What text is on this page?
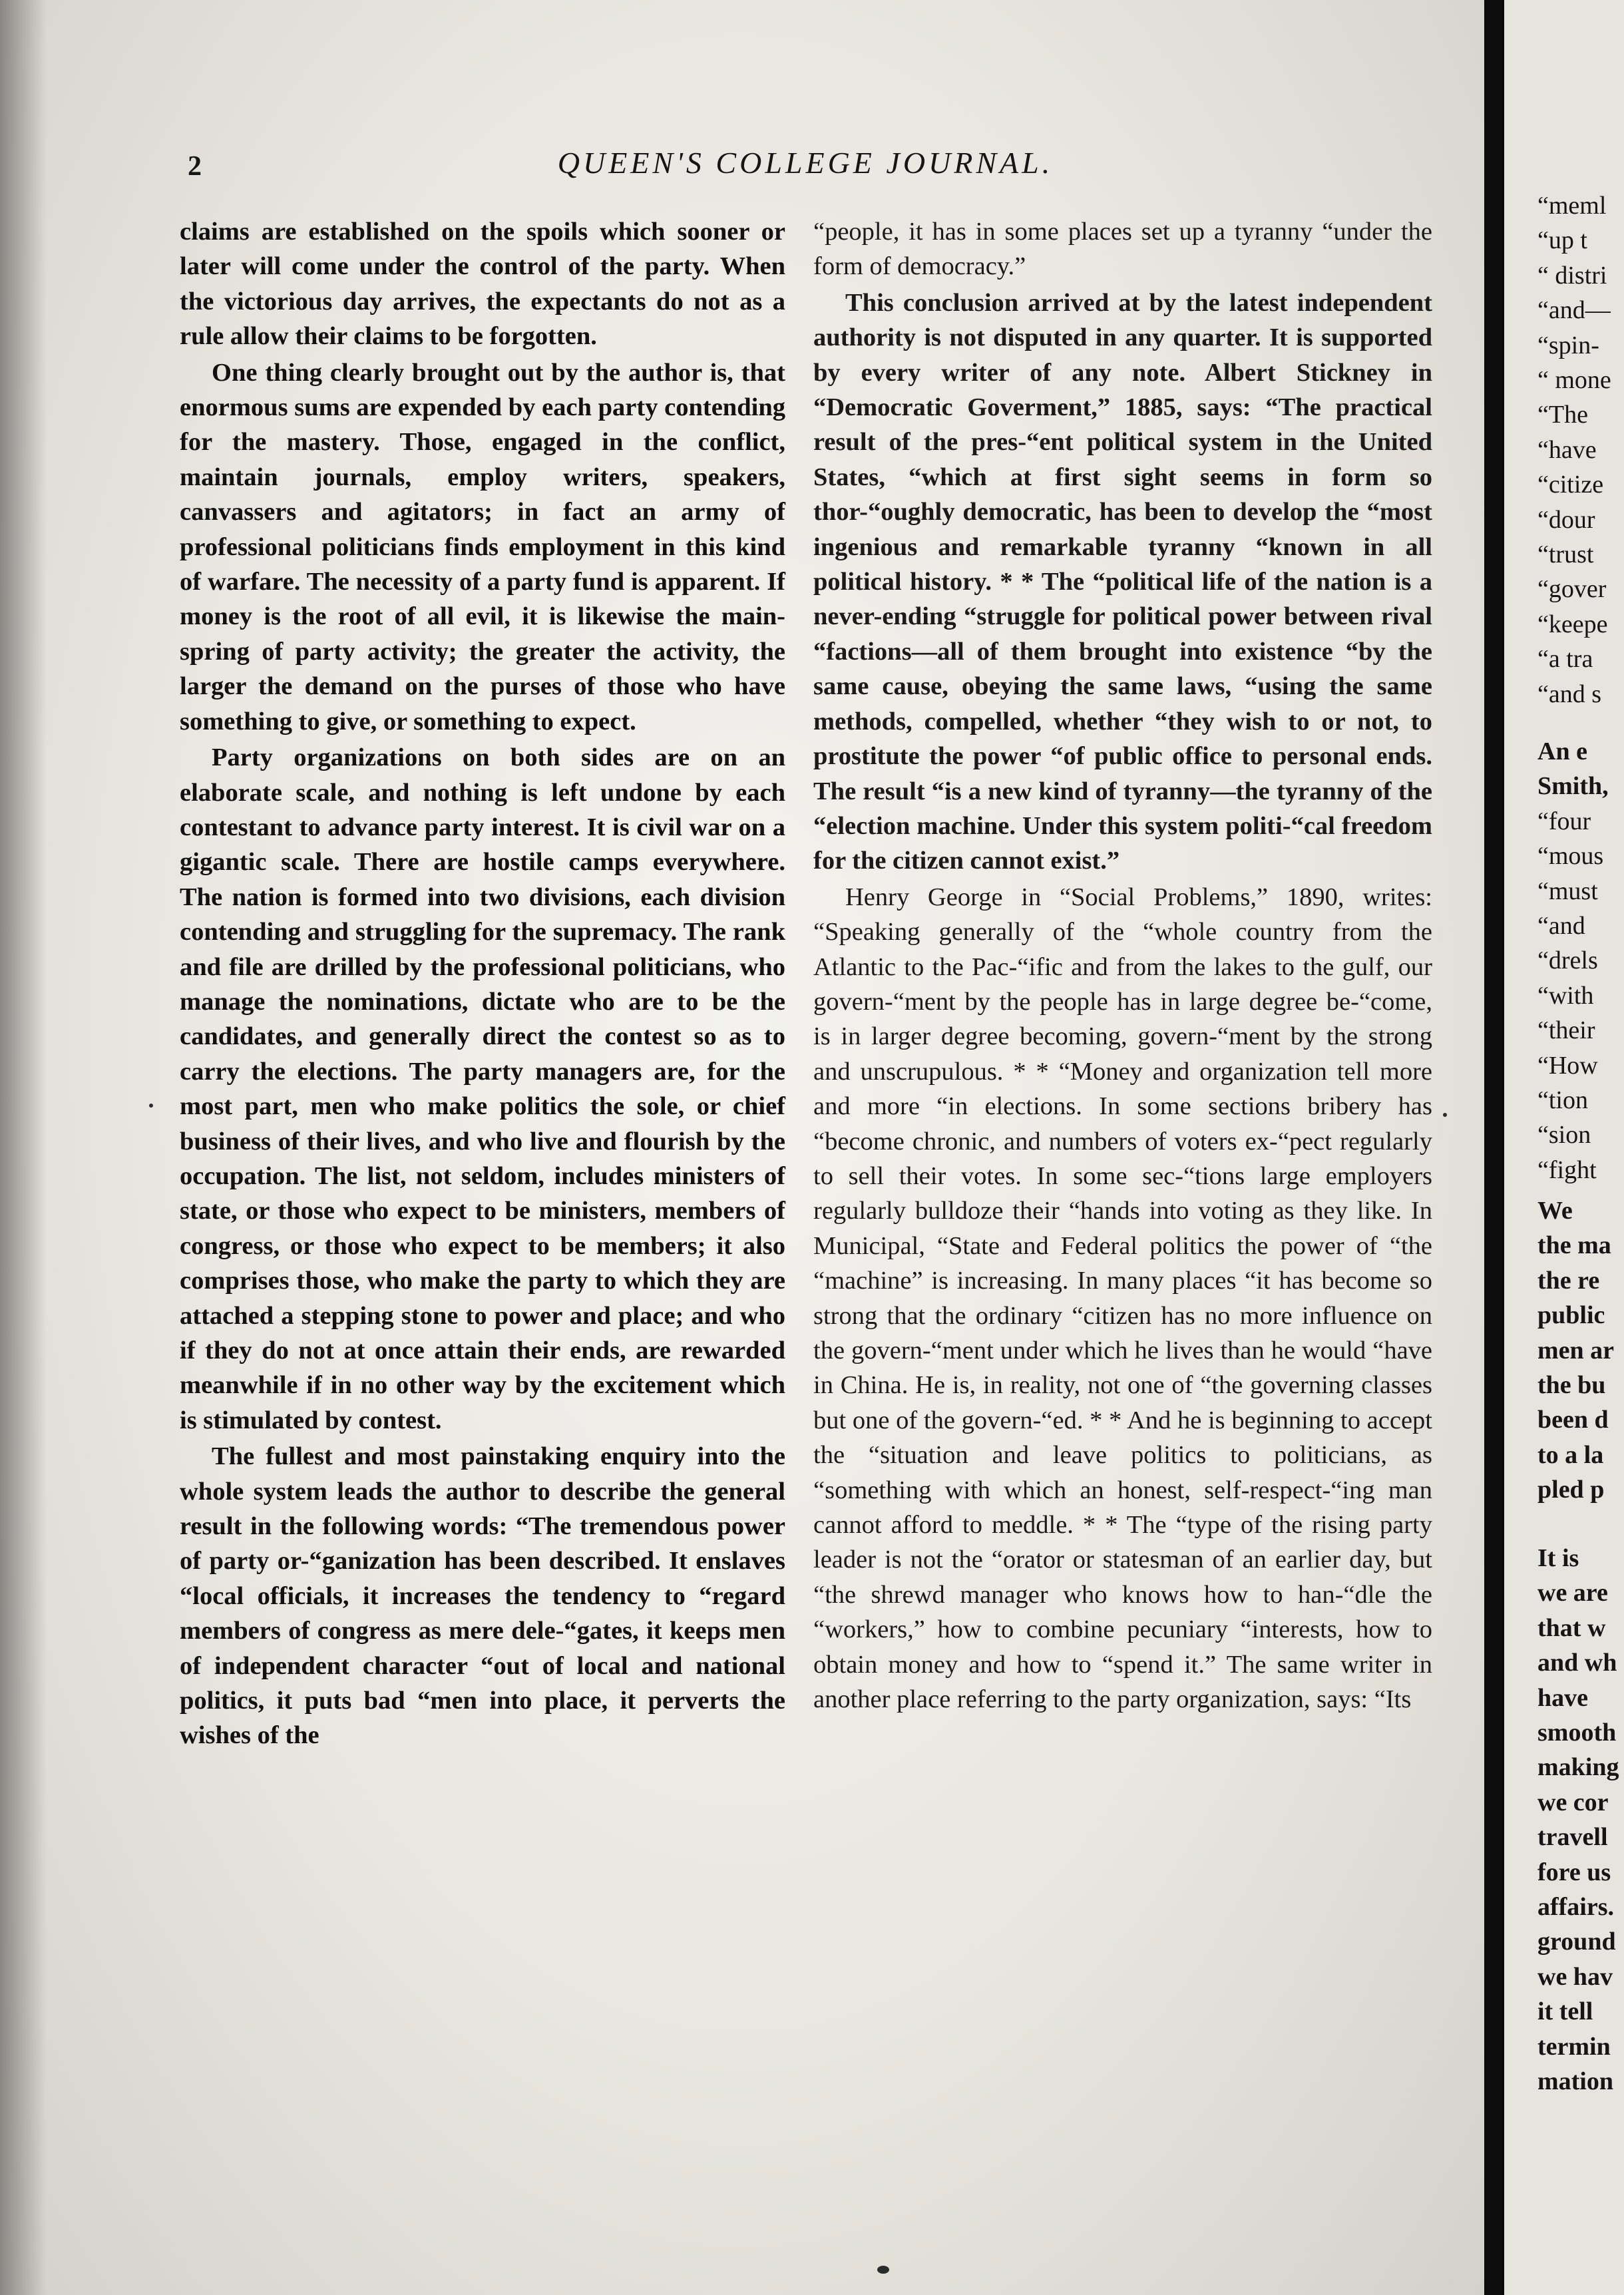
2	QUEEN'S COLLEGE JOURNAL.

claims are established on the spoils which sooner or later will come under the control of the party. When the victorious day arrives, the expectants do not as a rule allow their claims to be forgotten.

One thing clearly brought out by the author is, that enormous sums are expended by each party contending for the mastery. Those, engaged in the conflict, maintain journals, employ writers, speakers, canvassers and agitators; in fact an army of professional politicians finds employment in this kind of warfare. The necessity of a party fund is apparent. If money is the root of all evil, it is likewise the main-spring of party activity; the greater the activity, the larger the demand on the purses of those who have something to give, or something to expect.

Party organizations on both sides are on an elaborate scale, and nothing is left undone by each contestant to advance party interest. It is civil war on a gigantic scale. There are hostile camps everywhere. The nation is formed into two divisions, each division contending and struggling for the supremacy. The rank and file are drilled by the professional politicians, who manage the nominations, dictate who are to be the candidates, and generally direct the contest so as to carry the elections. The party managers are, for the most part, men who make politics the sole, or chief business of their lives, and who live and flourish by the occupation. The list, not seldom, includes ministers of state, or those who expect to be ministers, members of congress, or those who expect to be members; it also comprises those, who make the party to which they are attached a stepping stone to power and place; and who if they do not at once attain their ends, are rewarded meanwhile if in no other way by the excitement which is stimulated by contest.

The fullest and most painstaking enquiry into the whole system leads the author to describe the general result in the following words: “The tremendous power of party or-“ganization has been described. It enslaves “local officials, it increases the tendency to “regard members of congress as mere dele-“gates, it keeps men of independent character “out of local and national politics, it puts bad “men into place, it perverts the wishes of the

“people, it has in some places set up a tyranny “under the form of democracy.”

This conclusion arrived at by the latest independent authority is not disputed in any quarter. It is supported by every writer of any note. Albert Stickney in “Democratic Goverment,” 1885, says: “The practical result of the pres-“ent political system in the United States, “which at first sight seems in form so thor-“oughly democratic, has been to develop the “most ingenious and remarkable tyranny “known in all political history. * * The “political life of the nation is a never-ending “struggle for political power between rival “factions—all of them brought into existence “by the same cause, obeying the same laws, “using the same methods, compelled, whether “they wish to or not, to prostitute the power “of public office to personal ends. The result “is a new kind of tyranny—the tyranny of the “election machine. Under this system politi-“cal freedom for the citizen cannot exist.”

Henry George in “Social Problems,” 1890, writes: “Speaking generally of the “whole country from the Atlantic to the Pac-“ific and from the lakes to the gulf, our govern-“ment by the people has in large degree be-“come, is in larger degree becoming, govern-“ment by the strong and unscrupulous. * * “Money and organization tell more and more “in elections. In some sections bribery has “become chronic, and numbers of voters ex-“pect regularly to sell their votes. In some sec-“tions large employers regularly bulldoze their “hands into voting as they like. In Municipal, “State and Federal politics the power of “the “machine” is increasing. In many places “it has become so strong that the ordinary “citizen has no more influence on the govern-“ment under which he lives than he would “have in China. He is, in reality, not one of “the governing classes but one of the govern-“ed. * * And he is beginning to accept the “situation and leave politics to politicians, as “something with which an honest, self-respect-“ing man cannot afford to meddle. * * The “type of the rising party leader is not the “orator or statesman of an earlier day, but “the shrewd manager who knows how to han-“dle the “workers,” how to combine pecuniary “interests, how to obtain money and how to “spend it.” The same writer in another place referring to the party organization, says: “Its

“meml
“up t
“ distri
“and—
“spin-
“ mone
“The
“have
“citize
“dour
“trust
“gover
“keepe
“a tra
“and s
An e
Smith,
“four
“mous
“must
“and
“drels
“with
“their
“How
“tion
“sion
“fight
We
the ma
the re
public
men ar
the bu
been d
to a la
pled p
It is
we are
that w
and wh
have
smooth
making
we cor
travell
fore us
affairs.
ground
we hav
it tell
termin
mation
